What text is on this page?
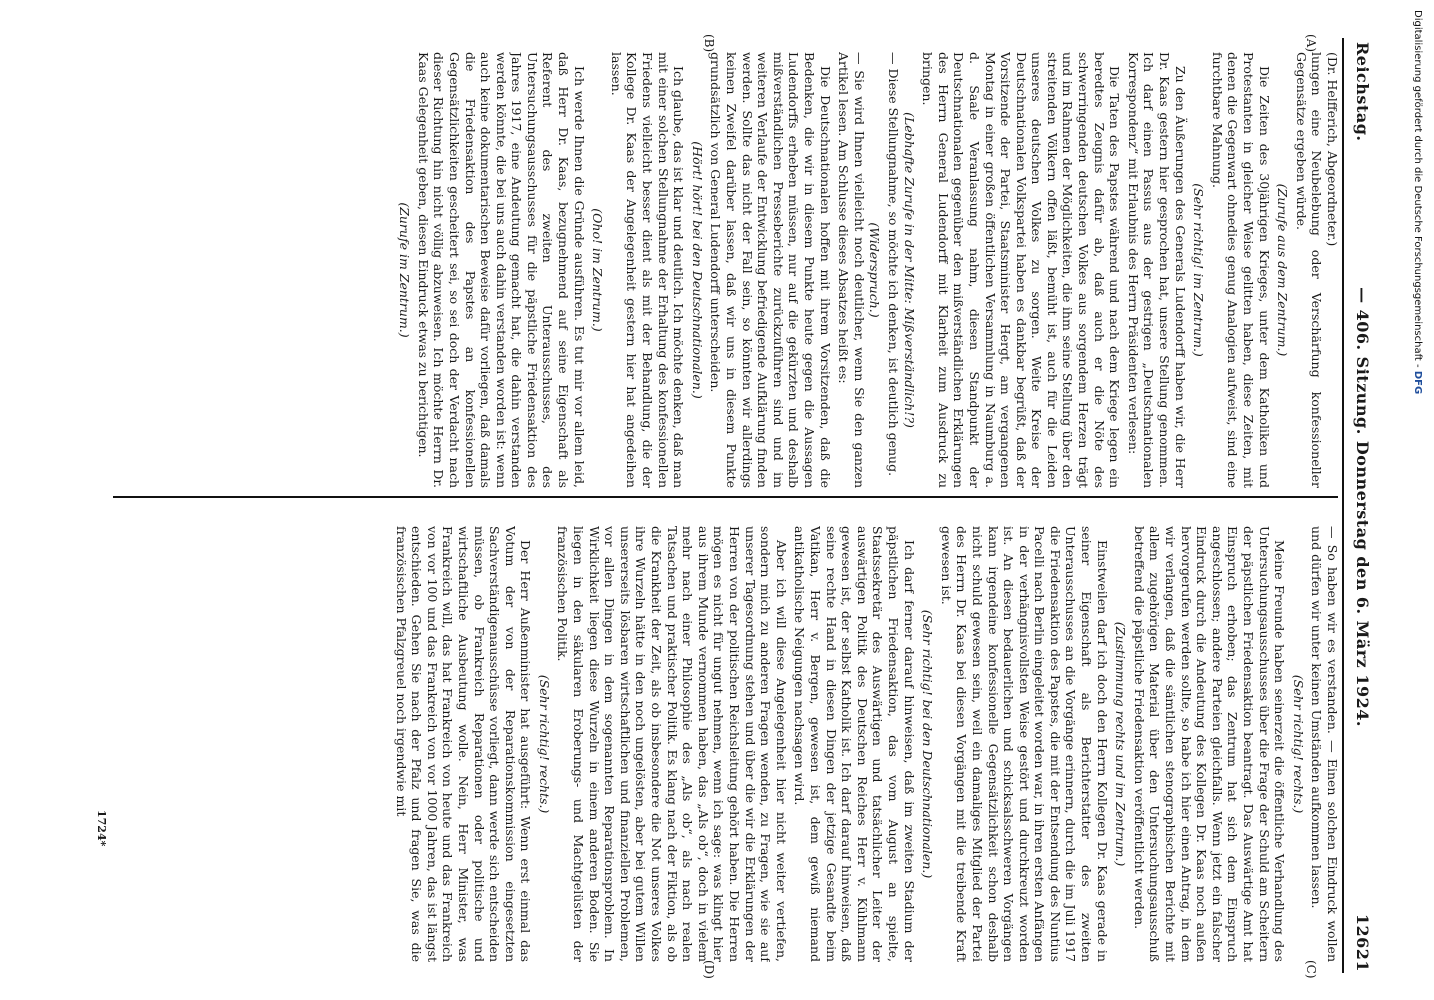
Reichstag.
— 406. Sitzung. Donnerstag den 6. März 1924.
12621
(A)
(B)
(C)
(D)

(Dr. Helfferich, Abgeordneter.)

lungen eine Neubelebung oder Verschärfung konfessioneller Gegensätze ergeben würde.

(Zurufe aus dem Zentrum.)

Die Zeiten des 30jährigen Krieges, unter dem Katholiken und Protestanten in gleicher Weise gelitten haben, diese Zeiten, mit denen die Gegenwart ohnedies genug Analogien aufweist, sind eine furchtbare Mahnung.

(Sehr richtig! im Zentrum.)

Zu den Äußerungen des Generals Ludendorff haben wir, die Herr Dr. Kaas gestern hier gesprochen hat, unsere Stellung genommen. Ich darf einen Passus aus der gestrigen „Deutschnationalen Korrespondenz“ mit Erlaubnis des Herrn Präsidenten verlesen:

Die Taten des Papstes während und nach dem Kriege legen ein beredtes Zeugnis dafür ab, daß auch er die Nöte des schwerringenden deutschen Volkes aus sorgendem Herzen trägt und im Rahmen der Möglichkeiten, die ihm seine Stellung über den streitenden Völkern offen läßt, bemüht ist, auch für die Leiden unseres deutschen Volkes zu sorgen. Weite Kreise der Deutschnationalen Volkspartei haben es dankbar begrüßt, daß der Vorsitzende der Partei, Staatsminister Hergt, am vergangenen Montag in einer großen öffentlichen Versammlung in Naumburg a. d. Saale Veranlassung nahm, diesen Standpunkt der Deutschnationalen gegenüber den mißverständlichen Erklärungen des Herrn General Ludendorff mit Klarheit zum Ausdruck zu bringen.

(Lebhafte Zurufe in der Mitte: Mißverständlich!?)

— Diese Stellungnahme, so möchte ich denken, ist deutlich genug.

(Widerspruch.)

— Sie wird Ihnen vielleicht noch deutlicher, wenn Sie den ganzen Artikel lesen. Am Schlusse dieses Absatzes heißt es:

Die Deutschnationalen hoffen mit ihrem Vorsitzenden, daß die Bedenken, die wir in diesem Punkte heute gegen die Aussagen Ludendorffs erheben müssen, nur auf die gekürzten und deshalb mißverständlichen Presseberichte zurückzuführen sind und im weiteren Verlaufe der Entwicklung befriedigende Aufklärung finden werden. Sollte das nicht der Fall sein, so könnten wir allerdings keinen Zweifel darüber lassen, daß wir uns in diesem Punkte grundsätzlich von General Ludendorff unterscheiden.

(Hört! hört! bei den Deutschnationalen.)

Ich glaube, das ist klar und deutlich. Ich möchte denken, daß man mit einer solchen Stellungnahme der Erhaltung des konfessionellen Friedens vielleicht besser dient als mit der Behandlung, die der Kollege Dr. Kaas der Angelegenheit gestern hier hat angedeihen lassen.

(Oho! im Zentrum.)

Ich werde Ihnen die Gründe ausführen. Es tut mir vor allem leid, daß Herr Dr. Kaas, bezugnehmend auf seine Eigenschaft als Referent des zweiten Unterausschusses, des Untersuchungsausschusses für die päpstliche Friedensaktion des Jahres 1917, eine Andeutung gemacht hat, die dahin verstanden werden könnte, die bei uns auch dahin verstanden worden ist: wenn auch keine dokumentarischen Beweise dafür vorliegen, daß damals die Friedensaktion des Papstes an konfessionellen Gegensätzlichkeiten gescheitert sei, so sei doch der Verdacht nach dieser Richtung hin nicht völlig abzuweisen. Ich möchte Herrn Dr. Kaas Gelegenheit geben, diesen Eindruck etwas zu berichtigen.

(Zurufe im Zentrum.)

— So haben wir es verstanden. — Einen solchen Eindruck wollen und dürfen wir unter keinen Umständen aufkommen lassen.

(Sehr richtig! rechts.)

Meine Freunde haben seinerzeit die öffentliche Verhandlung des Untersuchungsausschusses über die Frage der Schuld am Scheitern der päpstlichen Friedensaktion beantragt. Das Auswärtige Amt hat Einspruch erhoben; das Zentrum hat sich dem Einspruch angeschlossen; andere Parteien gleichfalls. Wenn jetzt ein falscher Eindruck durch die Andeutung des Kollegen Dr. Kaas noch außen hervorgerufen werden sollte, so habe ich hier einen Antrag, in dem wir verlangen, daß die sämtlichen stenographischen Berichte mit allem zugehörigen Material über den Untersuchungsausschuß betreffend die päpstliche Friedensaktion veröffentlicht werden.

(Zustimmung rechts und im Zentrum.)

Einstweilen darf ich doch den Herrn Kollegen Dr. Kaas gerade in seiner Eigenschaft als Berichterstatter des zweiten Unterausschusses an die Vorgänge erinnern, durch die im Juli 1917 die Friedensaktion des Papstes, die mit der Entsendung des Nuntius Pacelli nach Berlin eingeleitet worden war, in ihren ersten Anfängen in der verhängnisvollsten Weise gestört und durchkreuzt worden ist. An diesen bedauerlichen und schicksalsschweren Vorgängen kann irgendeine konfessionelle Gegensätzlichkeit schon deshalb nicht schuld gewesen sein, weil ein damaliges Mitglied der Partei des Herrn Dr. Kaas bei diesen Vorgängen mit die treibende Kraft gewesen ist.

(Sehr richtig! bei den Deutschnationalen.)

Ich darf ferner darauf hinweisen, daß im zweiten Stadium der päpstlichen Friedensaktion, das vom August an spielte, Staatssekretär des Auswärtigen und tatsächlicher Leiter der auswärtigen Politik des Deutschen Reiches Herr v. Kühlmann gewesen ist, der selbst Katholik ist. Ich darf darauf hinweisen, daß seine rechte Hand in diesen Dingen der jetzige Gesandte beim Vatikan, Herr v. Bergen, gewesen ist, dem gewiß niemand antikatholische Neigungen nachsagen wird.

Aber ich will diese Angelegenheit hier nicht weiter vertiefen, sondern mich zu anderen Fragen wenden, zu Fragen, wie sie auf unserer Tagesordnung stehen und über die wir die Erklärungen der Herren von der politischen Reichsleitung gehört haben. Die Herren mögen es nicht für ungut nehmen, wenn ich sage: was klingt hier aus ihrem Munde vernommen haben, das „Als ob“, doch in vielem mehr nach einer Philosophie des „Als ob“, als nach realen Tatsachen und praktischer Politik. Es klang nach der Fiktion, als ob die Krankheit der Zeit, als ob insbesondere die Not unseres Volkes ihre Wurzeln hätte in den noch ungelösten, aber bei gutem Willen unsererseits lösbaren wirtschaftlichen und finanziellen Problemen, vor allen Dingen in dem sogenannten Reparationsproblem. In Wirklichkeit liegen diese Wurzeln in einem anderen Boden. Sie liegen in den säkularen Eroberungs- und Machtgelüsten der französischen Politik.

(Sehr richtig! rechts.)

Der Herr Außenminister hat ausgeführt: Wenn erst einmal das Votum der von der Reparationskommission eingesetzten Sachverständigenausschüsse vorliegt, dann werde sich entscheiden müssen, ob Frankreich Reparationen oder politische und wirtschaftliche Ausbeutung wolle. Nein, Herr Minister, was Frankreich will, das hat Frankreich von heute und das Frankreich von vor 100 und das Frankreich von vor 1000 Jahren, das ist längst entschieden. Gehen Sie nach der Pfalz und fragen Sie, was die französischen Pfalzgreuel noch irgendwie mit

1724*
Digitalisierung gefördert durch die Deutsche Forschungsgemeinschaft - DFG
